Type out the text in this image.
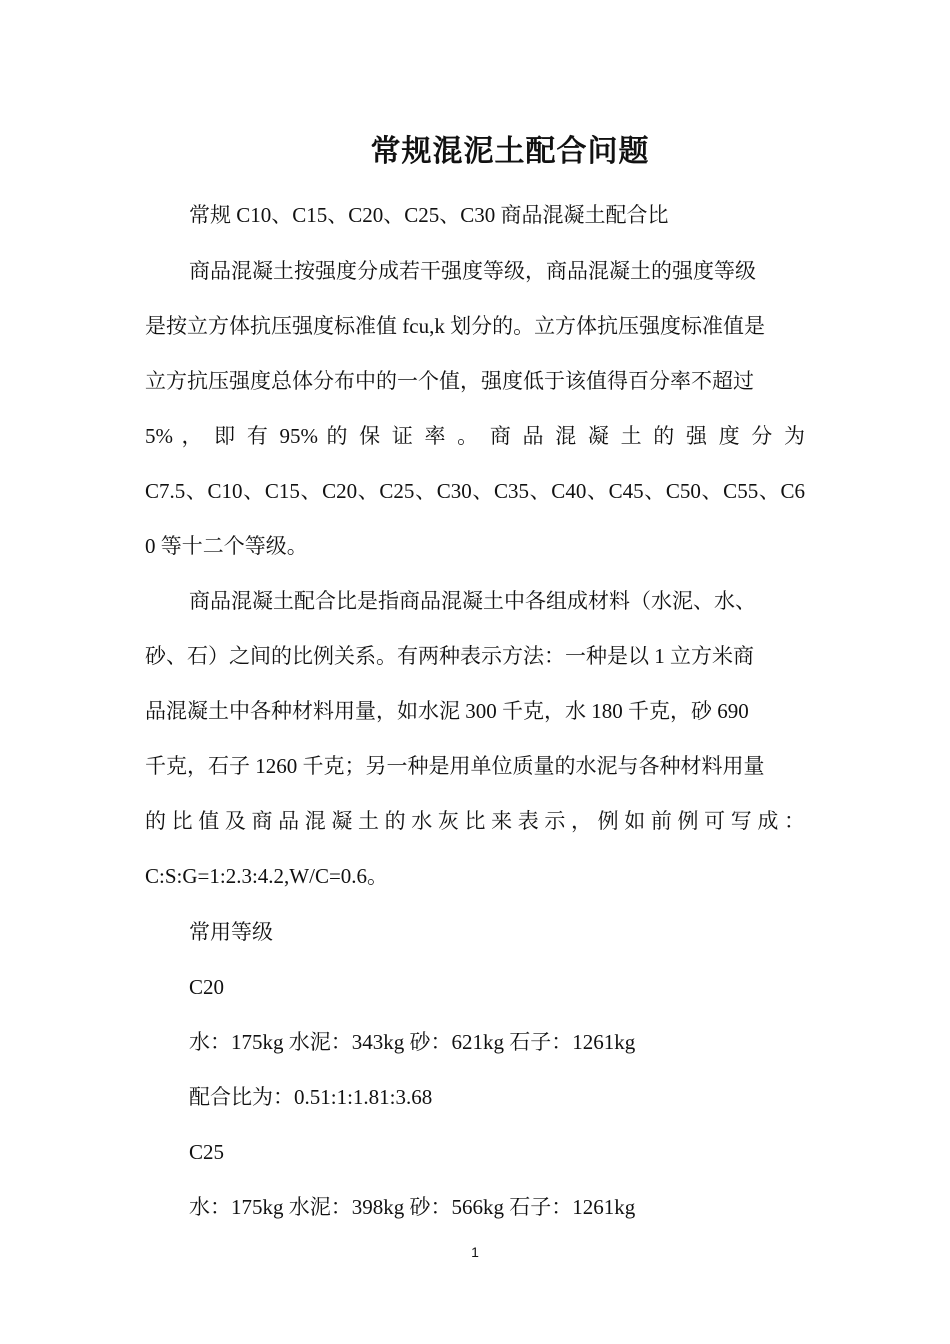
常规混泥土配合问题
常规 C10、C15、C20、C25、C30 商品混凝土配合比
商品混凝土按强度分成若干强度等级，商品混凝土的强度等级
是按立方体抗压强度标准值 fcu,k 划分的。立方体抗压强度标准值是
立方抗压强度总体分布中的一个值，强度低于该值得百分率不超过
5% ， 即 有 95% 的 保 证 率 。 商 品 混 凝 土 的 强 度 分 为
C7.5、C10、C15、C20、C25、C30、C35、C40、C45、C50、C55、C6
0 等十二个等级。
商品混凝土配合比是指商品混凝土中各组成材料（水泥、水、
砂、石）之间的比例关系。有两种表示方法：一种是以 1 立方米商
品混凝土中各种材料用量，如水泥 300 千克，水 180 千克，砂 690
千克，石子 1260 千克；另一种是用单位质量的水泥与各种材料用量
的 比 值 及 商 品 混 凝 土 的 水 灰 比 来 表 示 ， 例 如 前 例 可 写 成 ：
C:S:G=1:2.3:4.2,W/C=0.6。
常用等级
C20
水：175kg 水泥：343kg 砂：621kg 石子：1261kg
配合比为：0.51:1:1.81:3.68
C25
水：175kg 水泥：398kg 砂：566kg 石子：1261kg
1
